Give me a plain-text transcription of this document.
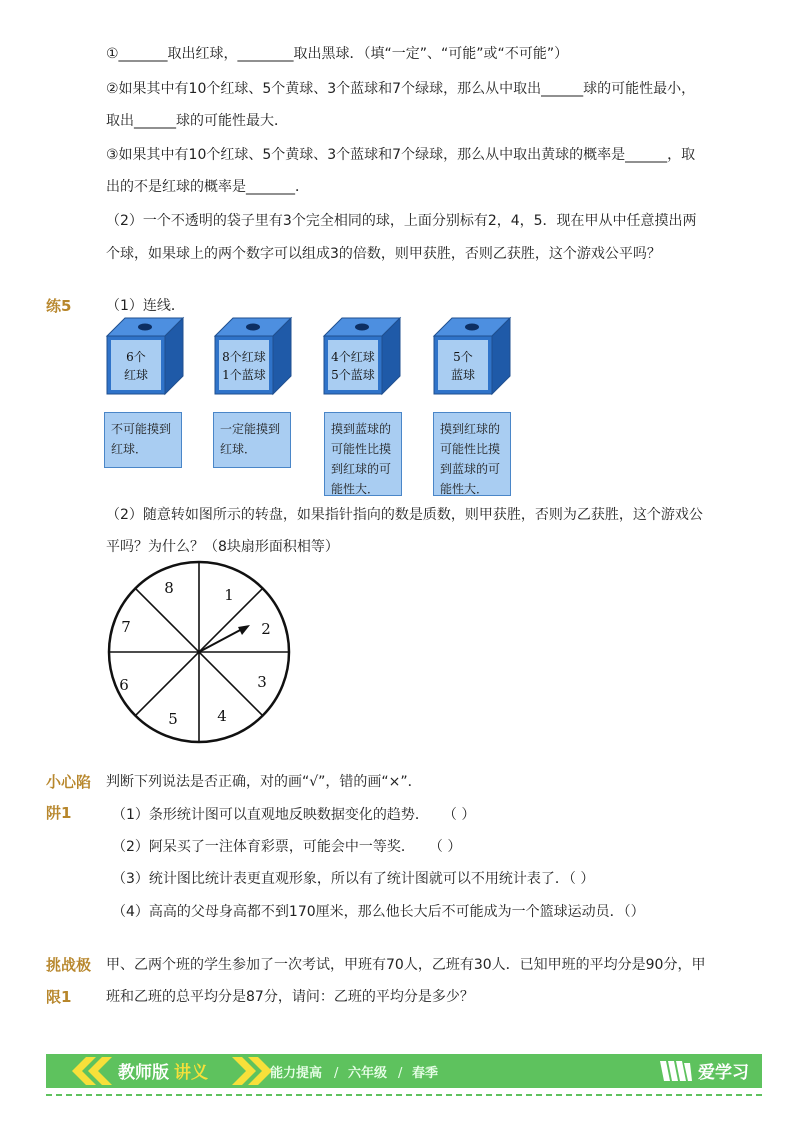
①_______取出红球，________取出黑球．（填“一定”、“可能”或“不可能”）
②如果其中有10个红球、5个黄球、3个蓝球和7个绿球，那么从中取出______球的可能性最小，
取出______球的可能性最大．
③如果其中有10个红球、5个黄球、3个蓝球和7个绿球，那么从中取出黄球的概率是______，取
出的不是红球的概率是_______．
（2）一个不透明的袋子里有3个完全相同的球，上面分别标有2，4，5．现在甲从中任意摸出两
个球，如果球上的两个数字可以组成3的倍数，则甲获胜，否则乙获胜，这个游戏公平吗？
练5 （1）连线．
6个
红球
8个红球
1个蓝球
4个红球
5个蓝球
5个
蓝球
不可能摸到
红球．
一定能摸到
红球．
摸到蓝球的
可能性比摸
到红球的可
能性大．
摸到红球的
可能性比摸
到蓝球的可
能性大．
（2）随意转如图所示的转盘，如果指针指向的数是质数，则甲获胜，否则为乙获胜，这个游戏公
平吗？为什么？（8块扇形面积相等）
1
2
3
4
5
6
7
8
小心陷
阱1
判断下列说法是否正确，对的画“√”，错的画“×”．
（1）条形统计图可以直观地反映数据变化的趋势．　　（ ）
（2）阿呆买了一注体育彩票，可能会中一等奖．　　（ ）
（3）统计图比统计表更直观形象，所以有了统计图就可以不用统计表了．（ ）
（4）高高的父母身高都不到170厘米，那么他长大后不可能成为一个篮球运动员．（）
挑战极
限1
甲、乙两个班的学生参加了一次考试，甲班有70人，乙班有30人．已知甲班的平均分是90分，甲
班和乙班的总平均分是87分，请问：乙班的平均分是多少？
教师版 讲义	能力提高 / 六年级 / 春季	爱学习
